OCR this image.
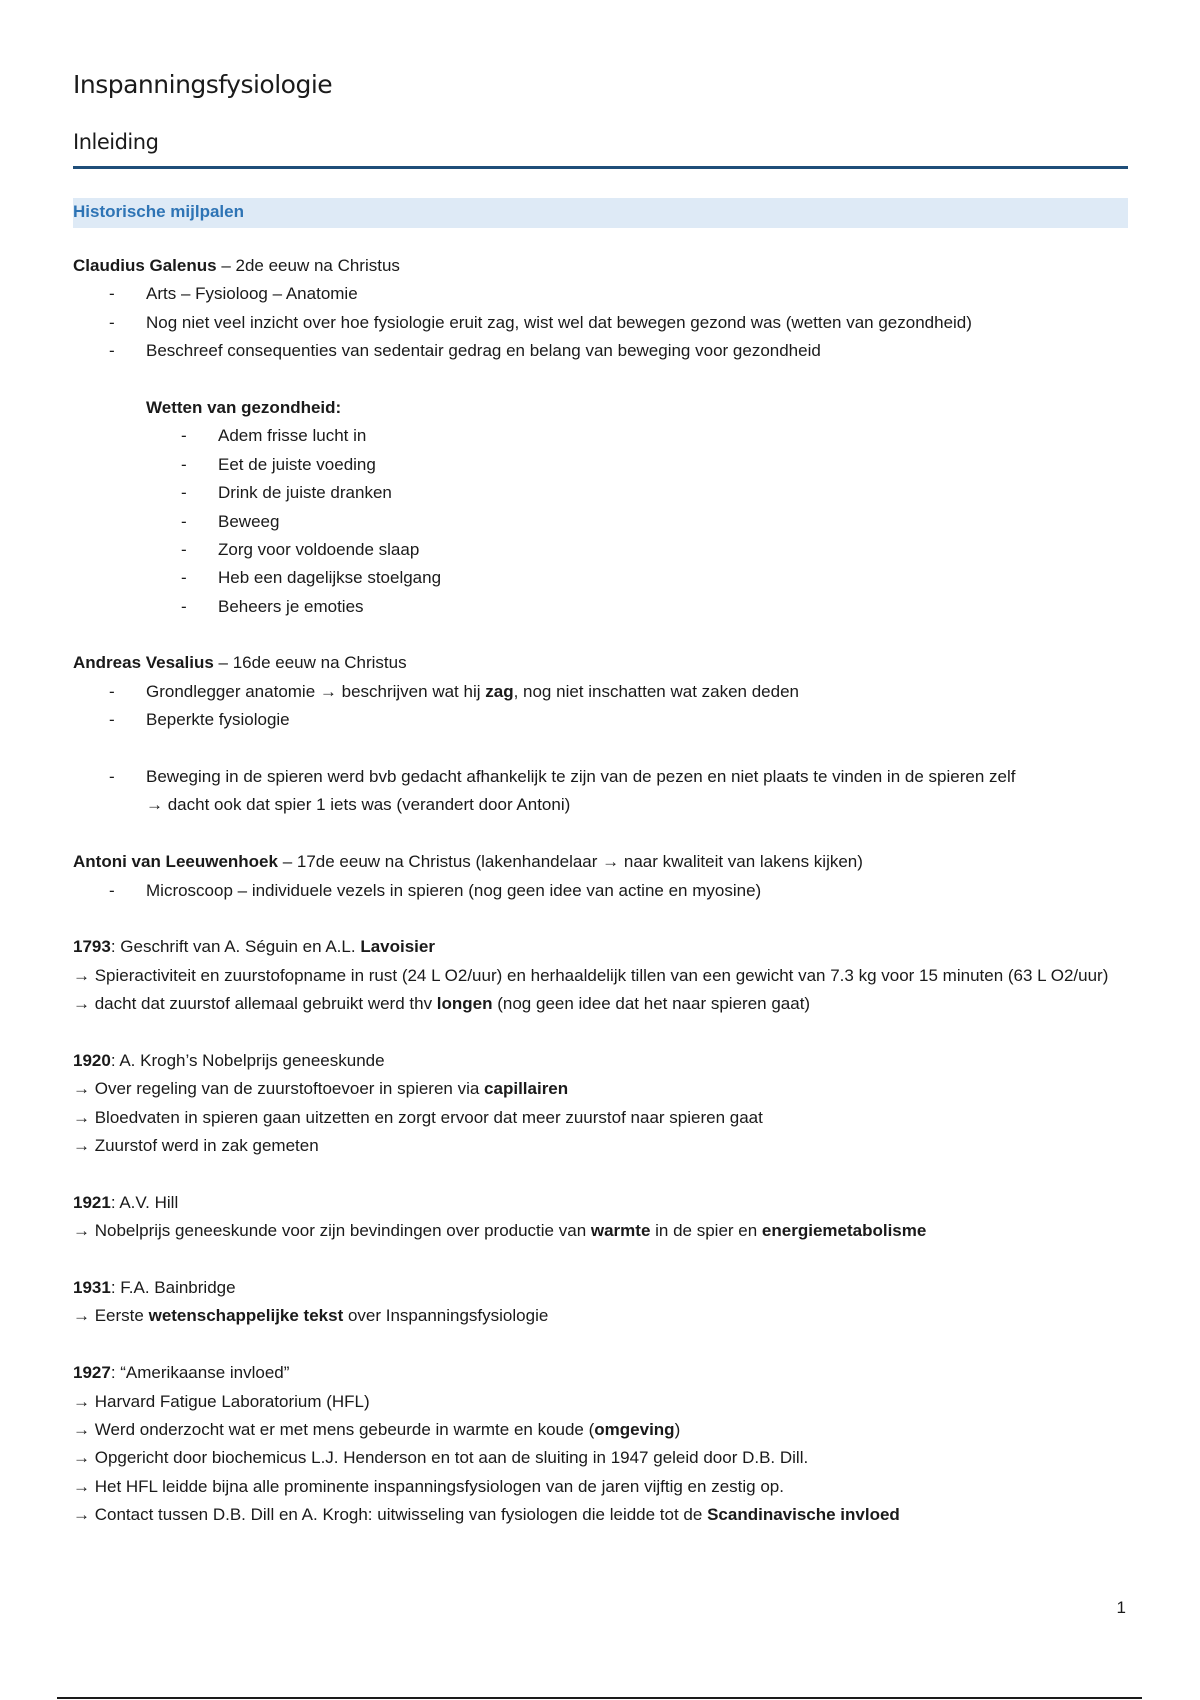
Inspanningsfysiologie
Inleiding
Historische mijlpalen
Claudius Galenus – 2de eeuw na Christus
- Arts – Fysioloog – Anatomie
- Nog niet veel inzicht over hoe fysiologie eruit zag, wist wel dat bewegen gezond was (wetten van gezondheid)
- Beschreef consequenties van sedentair gedrag en belang van beweging voor gezondheid
Wetten van gezondheid:
- Adem frisse lucht in
- Eet de juiste voeding
- Drink de juiste dranken
- Beweeg
- Zorg voor voldoende slaap
- Heb een dagelijkse stoelgang
- Beheers je emoties
Andreas Vesalius – 16de eeuw na Christus
- Grondlegger anatomie → beschrijven wat hij zag, nog niet inschatten wat zaken deden
- Beperkte fysiologie
- Beweging in de spieren werd bvb gedacht afhankelijk te zijn van de pezen en niet plaats te vinden in de spieren zelf
→ dacht ook dat spier 1 iets was (verandert door Antoni)
Antoni van Leeuwenhoek – 17de eeuw na Christus (lakenhandelaar → naar kwaliteit van lakens kijken)
- Microscoop – individuele vezels in spieren (nog geen idee van actine en myosine)
1793: Geschrift van A. Séguin en A.L. Lavoisier
→ Spieractiviteit en zuurstofopname in rust (24 L O2/uur) en herhaaldelijk tillen van een gewicht van 7.3 kg voor 15 minuten (63 L O2/uur)
→ dacht dat zuurstof allemaal gebruikt werd thv longen (nog geen idee dat het naar spieren gaat)
1920: A. Krogh’s Nobelprijs geneeskunde
→ Over regeling van de zuurstoftoevoer in spieren via capillairen
→ Bloedvaten in spieren gaan uitzetten en zorgt ervoor dat meer zuurstof naar spieren gaat
→ Zuurstof werd in zak gemeten
1921: A.V. Hill
→ Nobelprijs geneeskunde voor zijn bevindingen over productie van warmte in de spier en energiemetabolisme
1931: F.A. Bainbridge
→ Eerste wetenschappelijke tekst over Inspanningsfysiologie
1927: “Amerikaanse invloed”
→ Harvard Fatigue Laboratorium (HFL)
→ Werd onderzocht wat er met mens gebeurde in warmte en koude (omgeving)
→ Opgericht door biochemicus L.J. Henderson en tot aan de sluiting in 1947 geleid door D.B. Dill.
→ Het HFL leidde bijna alle prominente inspanningsfysiologen van de jaren vijftig en zestig op.
→ Contact tussen D.B. Dill en A. Krogh: uitwisseling van fysiologen die leidde tot de Scandinavische invloed
1
